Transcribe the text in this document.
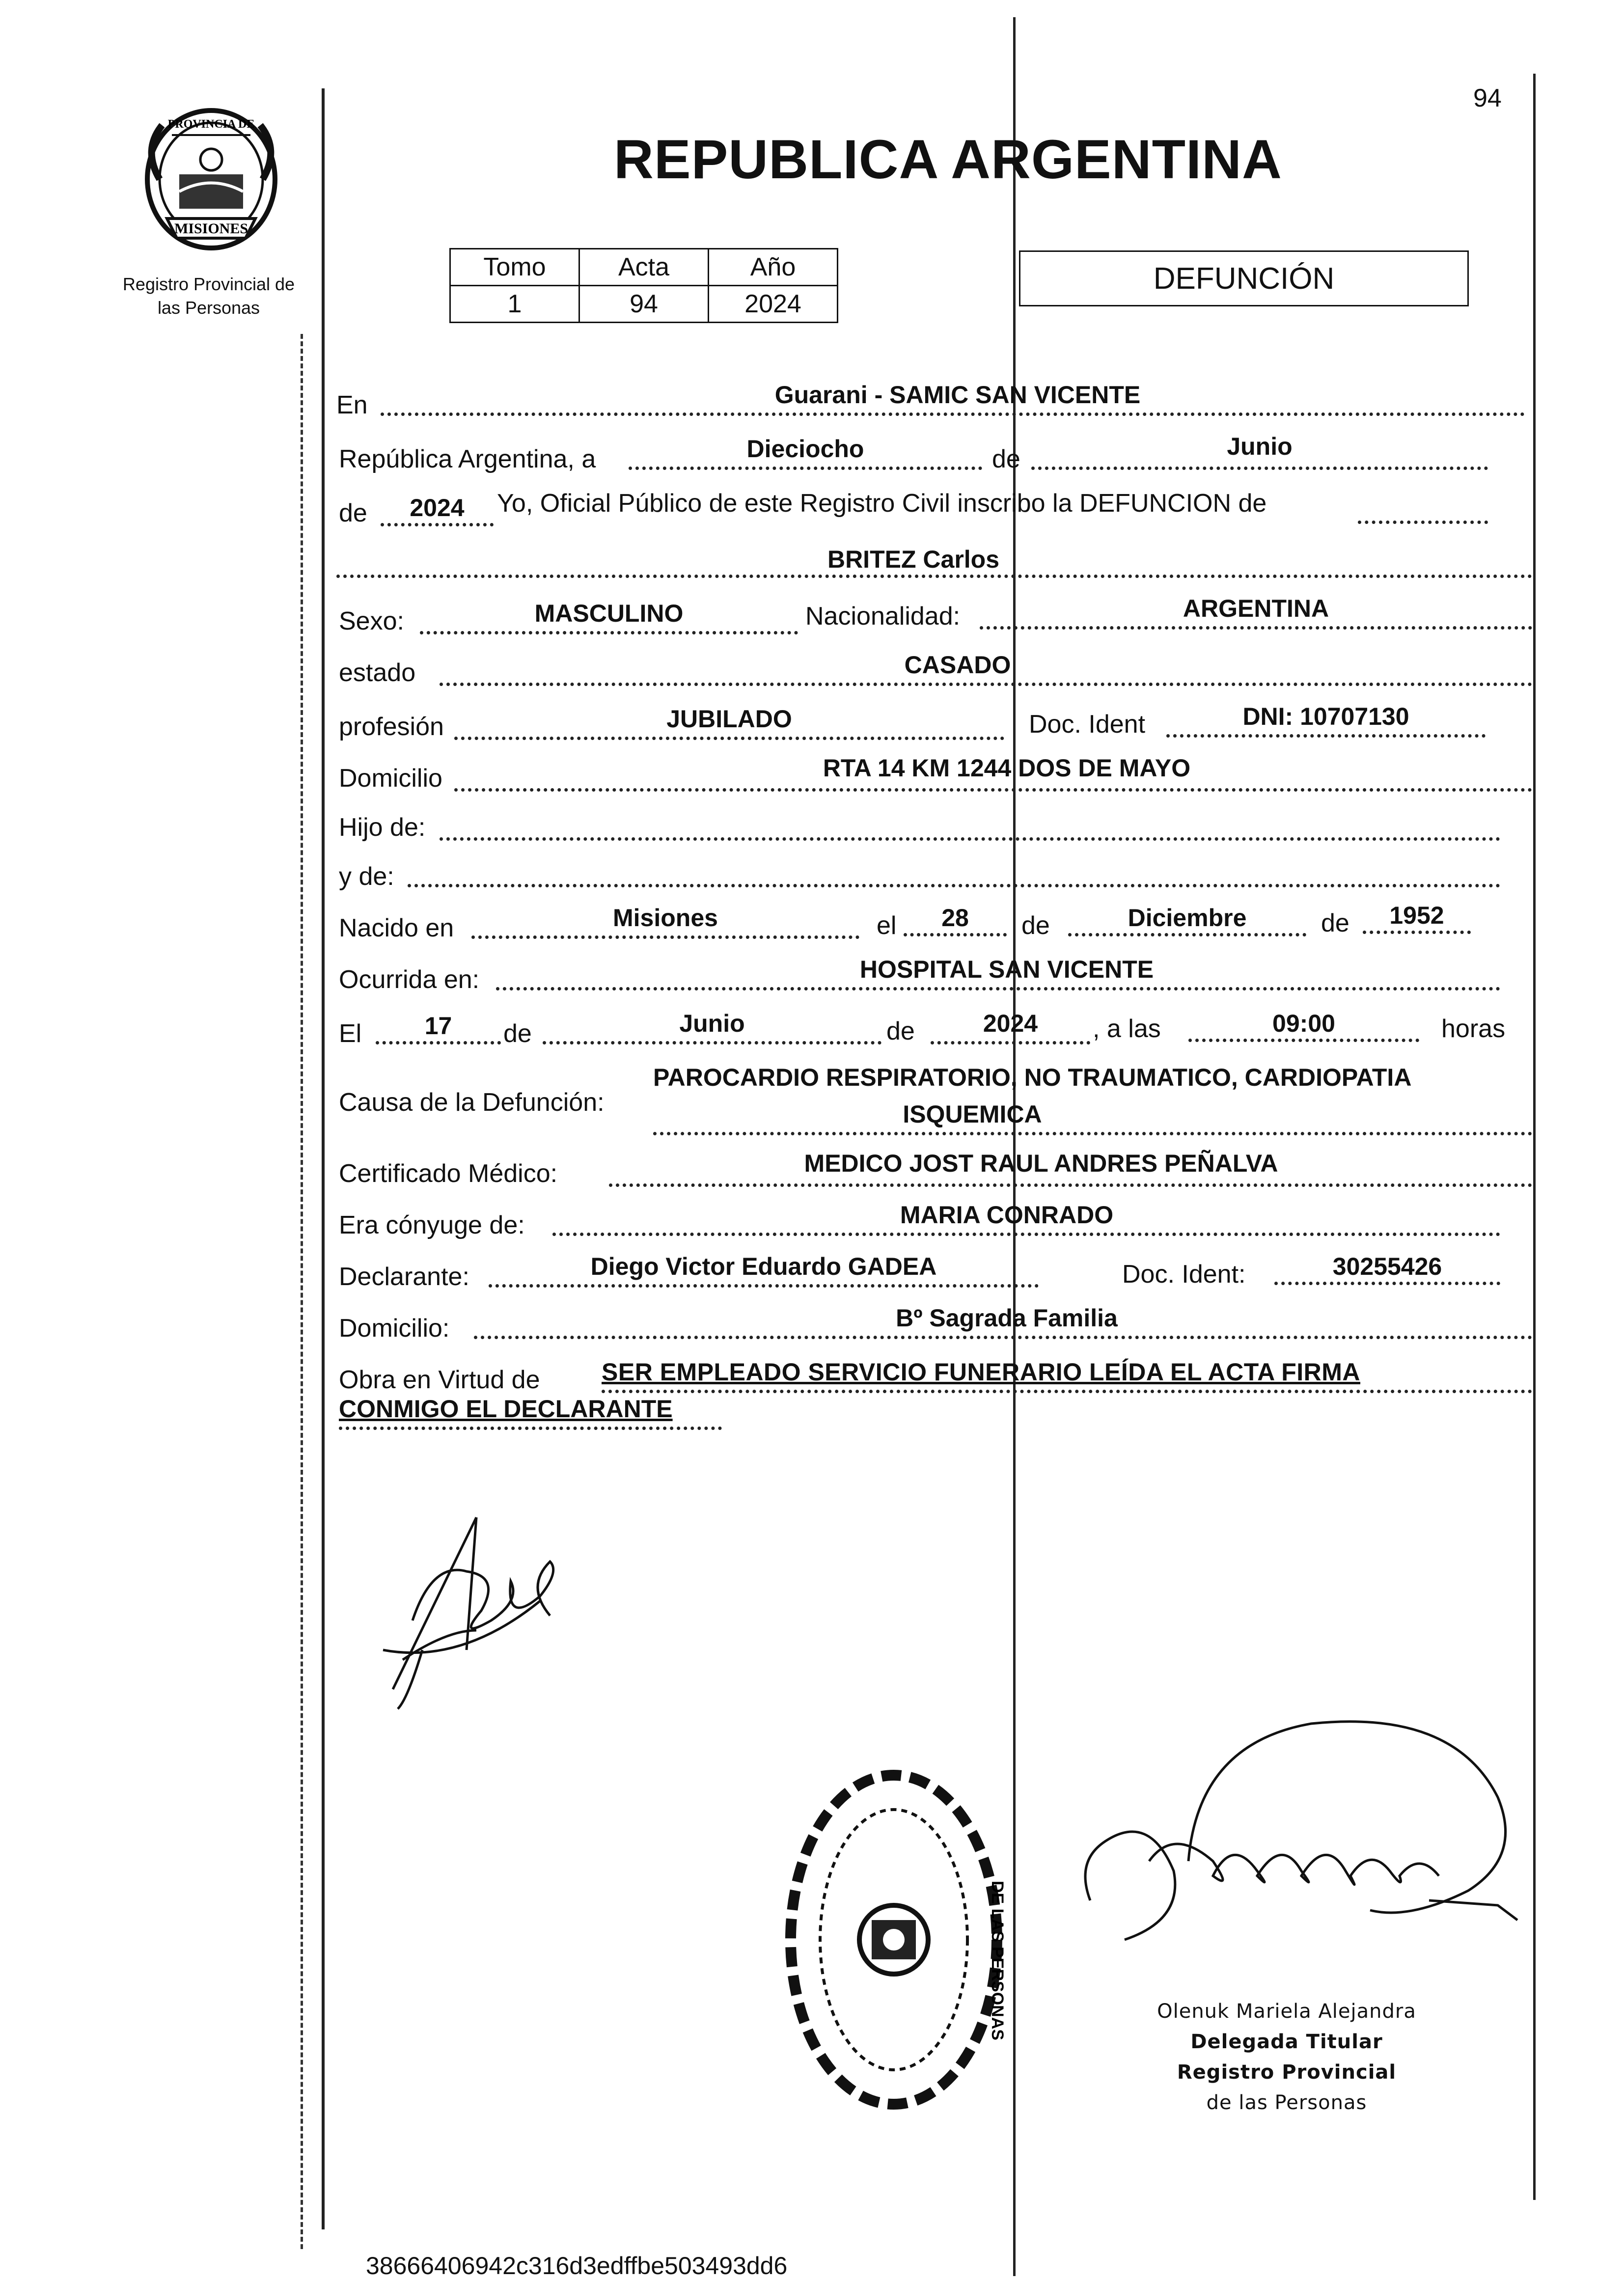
94
PROVINCIA DE
MISIONES
Registro Provincial de
las Personas
REPUBLICA ARGENTINA
Tomo	Acta	Año
1	94	2024
DEFUNCIÓN
En	Guarani - SAMIC SAN VICENTE
República Argentina, a	Dieciocho	de	Junio
de	2024	Yo, Oficial Público de este Registro Civil inscribo la DEFUNCION de
BRITEZ Carlos
Sexo:	MASCULINO	Nacionalidad:	ARGENTINA
estado	CASADO
profesión	JUBILADO	Doc. Ident	DNI: 10707130
Domicilio	RTA 14 KM 1244 DOS DE MAYO
Hijo de:
y de:
Nacido en	Misiones	el	28	de	Diciembre	de	1952
Ocurrida en:	HOSPITAL SAN VICENTE
El	17	de	Junio	de	2024	, a las	09:00	horas
Causa de la Defunción:
PAROCARDIO RESPIRATORIO, NO TRAUMATICO, CARDIOPATIA
ISQUEMICA
Certificado Médico:	MEDICO JOST RAUL ANDRES PEÑALVA
Era cónyuge de:	MARIA CONRADO
Declarante:	Diego Victor Eduardo GADEA	Doc. Ident:	30255426
Domicilio:	Bº Sagrada Familia
Obra en Virtud de	SER EMPLEADO SERVICIO FUNERARIO LEÍDA EL ACTA FIRMA
CONMIGO EL DECLARANTE
DE LAS PERSONAS	Olenuk Mariela Alejandra
Delegada Titular
Registro Provincial
de las Personas
38666406942c316d3edffbe503493dd6
